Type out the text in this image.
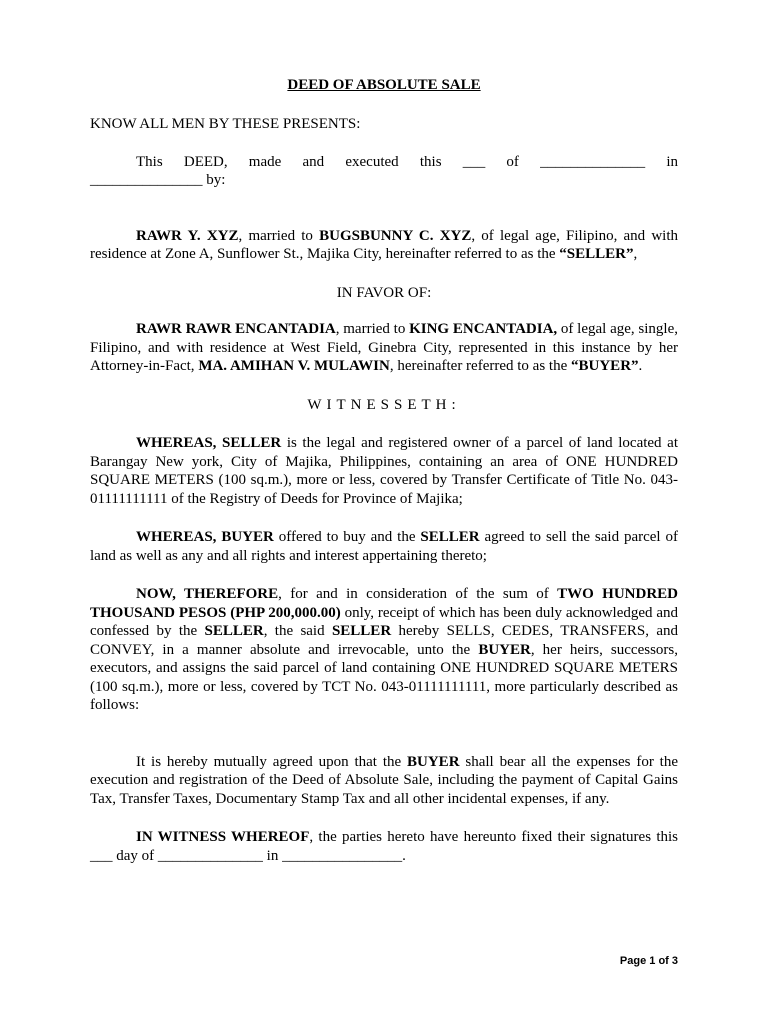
DEED OF ABSOLUTE SALE

KNOW ALL MEN BY THESE PRESENTS:

This DEED, made and executed this ___ of ______________ in

_______________ by:

RAWR Y. XYZ, married to BUGSBUNNY C. XYZ, of legal age, Filipino, and with residence at Zone A, Sunflower St., Majika City, hereinafter referred to as the “SELLER”,

IN FAVOR OF:

RAWR RAWR ENCANTADIA, married to KING ENCANTADIA, of legal age, single, Filipino, and with residence at West Field, Ginebra City, represented in this instance by her Attorney-in-Fact, MA. AMIHAN V. MULAWIN, hereinafter referred to as the “BUYER”.

WITNESSETH:

WHEREAS, SELLER is the legal and registered owner of a parcel of land located at Barangay New york, City of Majika, Philippines, containing an area of ONE HUNDRED SQUARE METERS (100 sq.m.), more or less, covered by Transfer Certificate of Title No. 043-01111111111 of the Registry of Deeds for Province of Majika;

WHEREAS, BUYER offered to buy and the SELLER agreed to sell the said parcel of land as well as any and all rights and interest appertaining thereto;

NOW, THEREFORE, for and in consideration of the sum of TWO HUNDRED THOUSAND PESOS (PHP 200,000.00) only, receipt of which has been duly acknowledged and confessed by the SELLER, the said SELLER hereby SELLS, CEDES, TRANSFERS, and CONVEY, in a manner absolute and irrevocable, unto the BUYER, her heirs, successors, executors, and assigns the said parcel of land containing ONE HUNDRED SQUARE METERS (100 sq.m.), more or less, covered by TCT No. 043-01111111111, more particularly described as follows:

It is hereby mutually agreed upon that the BUYER shall bear all the expenses for the execution and registration of the Deed of Absolute Sale, including the payment of Capital Gains Tax, Transfer Taxes, Documentary Stamp Tax and all other incidental expenses, if any.

IN WITNESS WHEREOF, the parties hereto have hereunto fixed their signatures this ___ day of ______________ in ________________.

Page 1 of 3
